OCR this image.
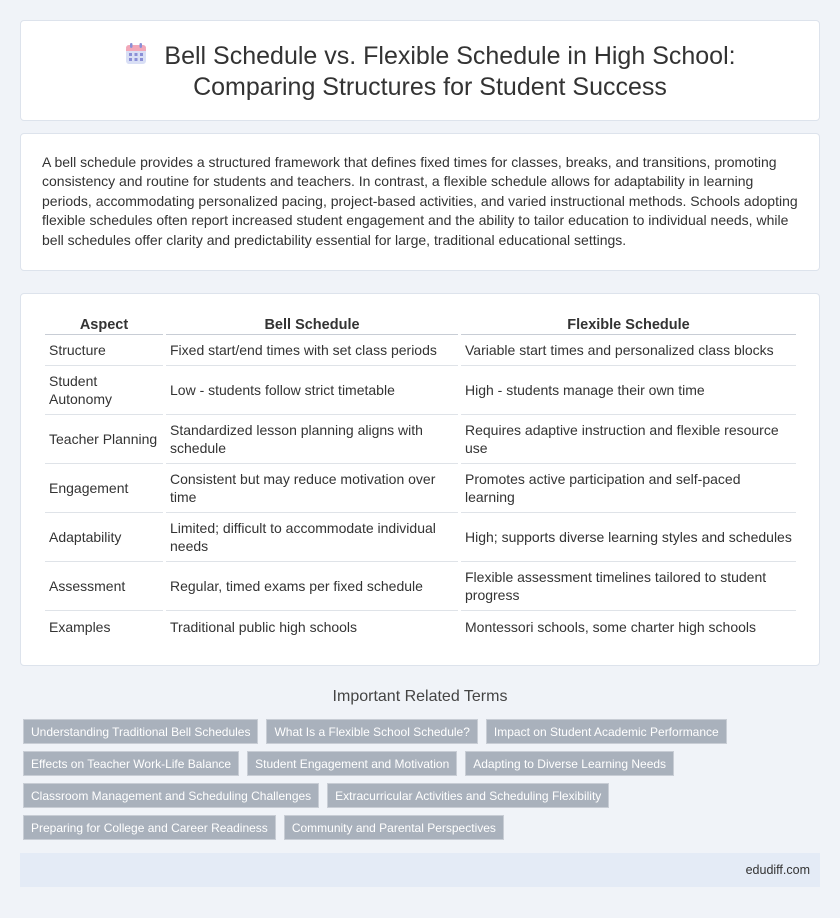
Bell Schedule vs. Flexible Schedule in High School: Comparing Structures for Student Success

A bell schedule provides a structured framework that defines fixed times for classes, breaks, and transitions, promoting consistency and routine for students and teachers. In contrast, a flexible schedule allows for adaptability in learning periods, accommodating personalized pacing, project-based activities, and varied instructional methods. Schools adopting flexible schedules often report increased student engagement and the ability to tailor education to individual needs, while bell schedules offer clarity and predictability essential for large, traditional educational settings.

Aspect	Bell Schedule	Flexible Schedule
Structure	Fixed start/end times with set class periods	Variable start times and personalized class blocks
Student Autonomy	Low - students follow strict timetable	High - students manage their own time
Teacher Planning	Standardized lesson planning aligns with schedule	Requires adaptive instruction and flexible resource use
Engagement	Consistent but may reduce motivation over time	Promotes active participation and self-paced learning
Adaptability	Limited; difficult to accommodate individual needs	High; supports diverse learning styles and schedules
Assessment	Regular, timed exams per fixed schedule	Flexible assessment timelines tailored to student progress
Examples	Traditional public high schools	Montessori schools, some charter high schools
Important Related Terms
Understanding Traditional Bell Schedules	What Is a Flexible School Schedule?	Impact on Student Academic Performance
Effects on Teacher Work-Life Balance	Student Engagement and Motivation	Adapting to Diverse Learning Needs
Classroom Management and Scheduling Challenges	Extracurricular Activities and Scheduling Flexibility
Preparing for College and Career Readiness	Community and Parental Perspectives
edudiff.com
